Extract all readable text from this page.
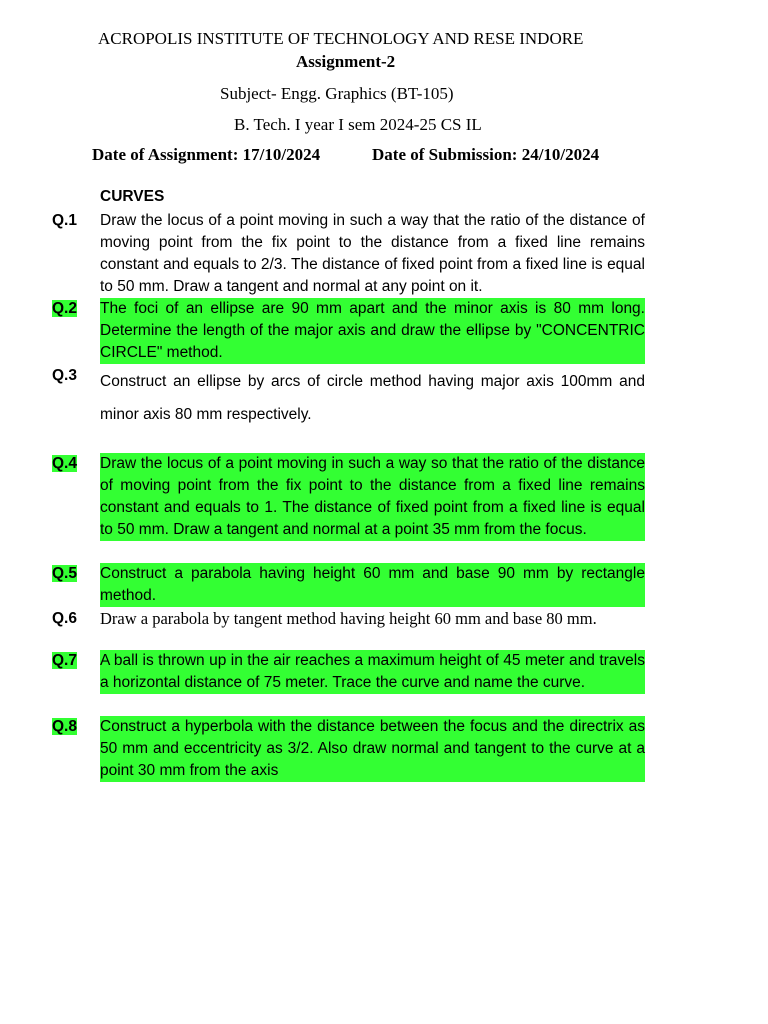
ACROPOLIS INSTITUTE OF TECHNOLOGY AND RESE INDORE
Assignment-2
Subject- Engg. Graphics (BT-105)
B. Tech. I year I sem 2024-25 CS IL
Date of Assignment: 17/10/2024	Date of Submission: 24/10/2024
CURVES
Q.1	Draw the locus of a point moving in such a way that the ratio of the distance of moving point from the fix point to the distance from a fixed line remains constant and equals to 2/3. The distance of fixed point from a fixed line is equal to 50 mm. Draw a tangent and normal at any point on it.
Q.2	The foci of an ellipse are 90 mm apart and the minor axis is 80 mm long. Determine the length of the major axis and draw the ellipse by "CONCENTRIC CIRCLE" method.
Q.3	Construct an ellipse by arcs of circle method having major axis 100mm and minor axis 80 mm respectively.
Q.4	Draw the locus of a point moving in such a way so that the ratio of the distance of moving point from the fix point to the distance from a fixed line remains constant and equals to 1. The distance of fixed point from a fixed line is equal to 50 mm. Draw a tangent and normal at a point 35 mm from the focus.
Q.5	Construct a parabola having height 60 mm and base 90 mm by rectangle method.
Q.6	Draw a parabola by tangent method having height 60 mm and base 80 mm.
Q.7	A ball is thrown up in the air reaches a maximum height of 45 meter and travels a horizontal distance of 75 meter. Trace the curve and name the curve.
Q.8	Construct a hyperbola with the distance between the focus and the directrix as 50 mm and eccentricity as 3/2. Also draw normal and tangent to the curve at a point 30 mm from the axis
